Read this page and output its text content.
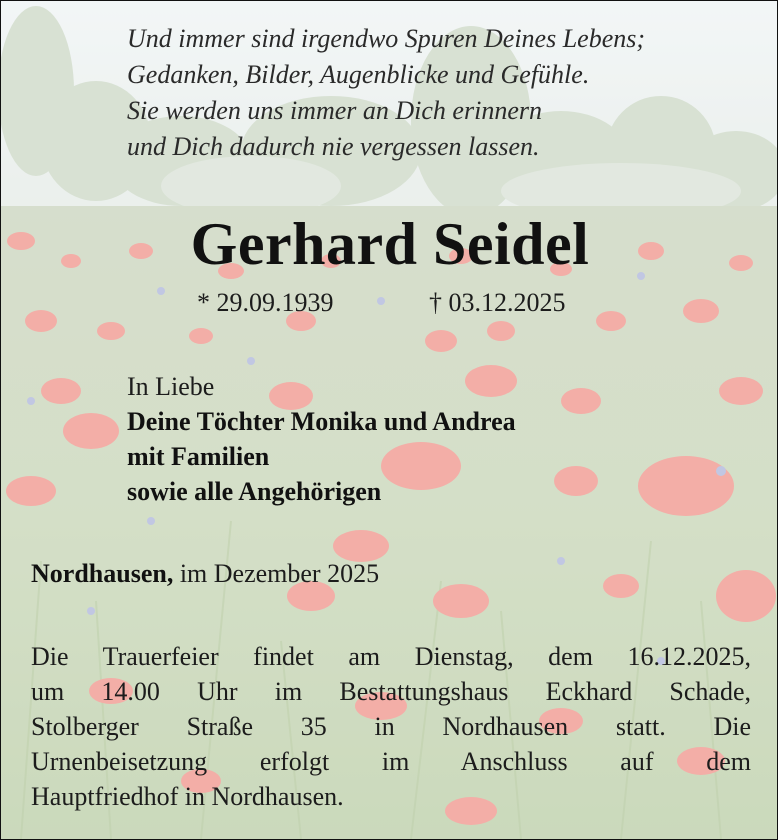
Und immer sind irgendwo Spuren Deines Lebens;
Gedanken, Bilder, Augenblicke und Gefühle.
Sie werden uns immer an Dich erinnern
und Dich dadurch nie vergessen lassen.
Gerhard Seidel
* 29.09.1939	† 03.12.2025
In Liebe
Deine Töchter Monika und Andrea
mit Familien
sowie alle Angehörigen
Nordhausen, im Dezember 2025
Die Trauerfeier findet am Dienstag, dem 16.12.2025,
um 14.00 Uhr im Bestattungshaus Eckhard Schade,
Stolberger Straße 35 in Nordhausen statt. Die
Urnenbeisetzung erfolgt im Anschluss auf dem
Hauptfriedhof in Nordhausen.
